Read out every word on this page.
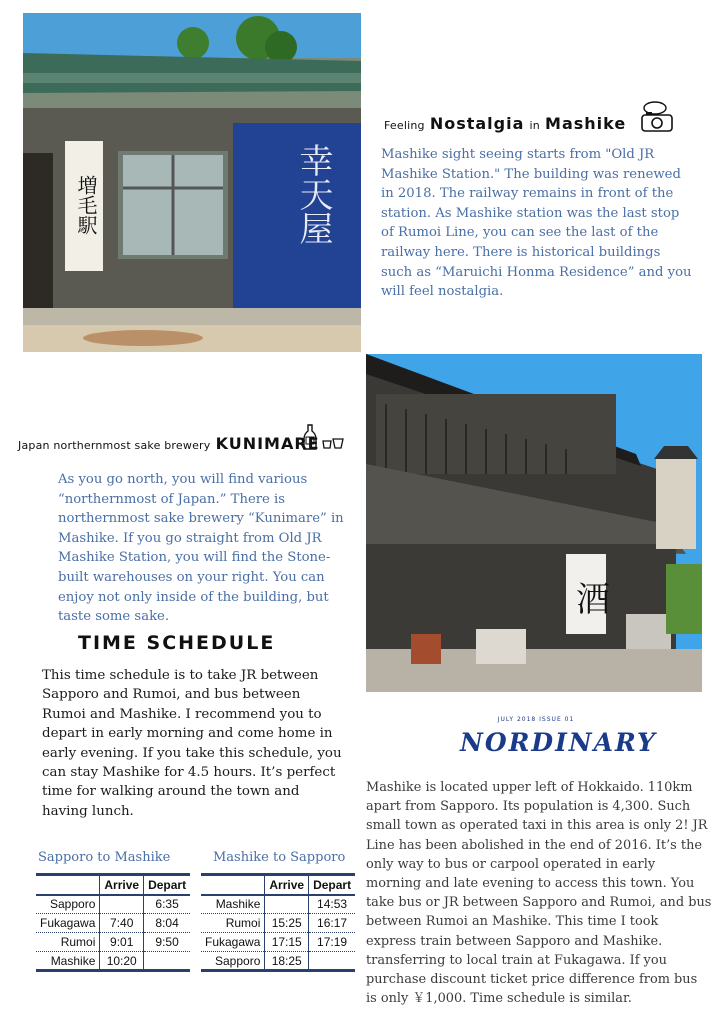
増毛駅	幸天屋
Feeling Nostalgia in Mashike
Mashike sight seeing starts from "Old JR Mashike Station." The building was renewed in 2018. The railway remains in front of the station. As Mashike station was the last stop of Rumoi Line, you can see the last of the railway here. There is historical buildings such as “Maruichi Honma Residence” and you will feel nostalgia.
酒
Japan northernmost sake brewery KUNIMARE
As you go north, you will find various “northernmost of Japan.” There is northernmost sake brewery “Kunimare” in Mashike. If you go straight from Old JR Mashike Station, you will find the Stone-built warehouses on your right. You can enjoy not only inside of the building, but taste some sake.
TIME SCHEDULE
This time schedule is to take JR between Sapporo and Rumoi, and bus between Rumoi and Mashike. I recommend you to depart in early morning and come home in early evening. If you take this schedule, you can stay Mashike for 4.5 hours. It’s perfect time for walking around the town and having lunch.
JULY 2018 ISSUE 01
NORDINARY
Mashike is located upper left of Hokkaido. 110km apart from Sapporo. Its population is 4,300. Such small town as operated taxi in this area is only 2! JR Line has been abolished in the end of 2016. It’s the only way to bus or carpool operated in early morning and late evening to access this town. You take bus or JR between Sapporo and Rumoi, and bus between Rumoi an Mashike. This time I took express train between Sapporo and Mashike. transferring to local train at Fukagawa. If you purchase discount ticket price difference from bus is only ￥1,000. Time schedule is similar.
Sapporo to Mashike
	Arrive	Depart
Sapporo		6:35
Fukagawa	7:40	8:04
Rumoi	9:01	9:50
Mashike	10:20	
Mashike to Sapporo
	Arrive	Depart
Mashike		14:53
Rumoi	15:25	16:17
Fukagawa	17:15	17:19
Sapporo	18:25	
